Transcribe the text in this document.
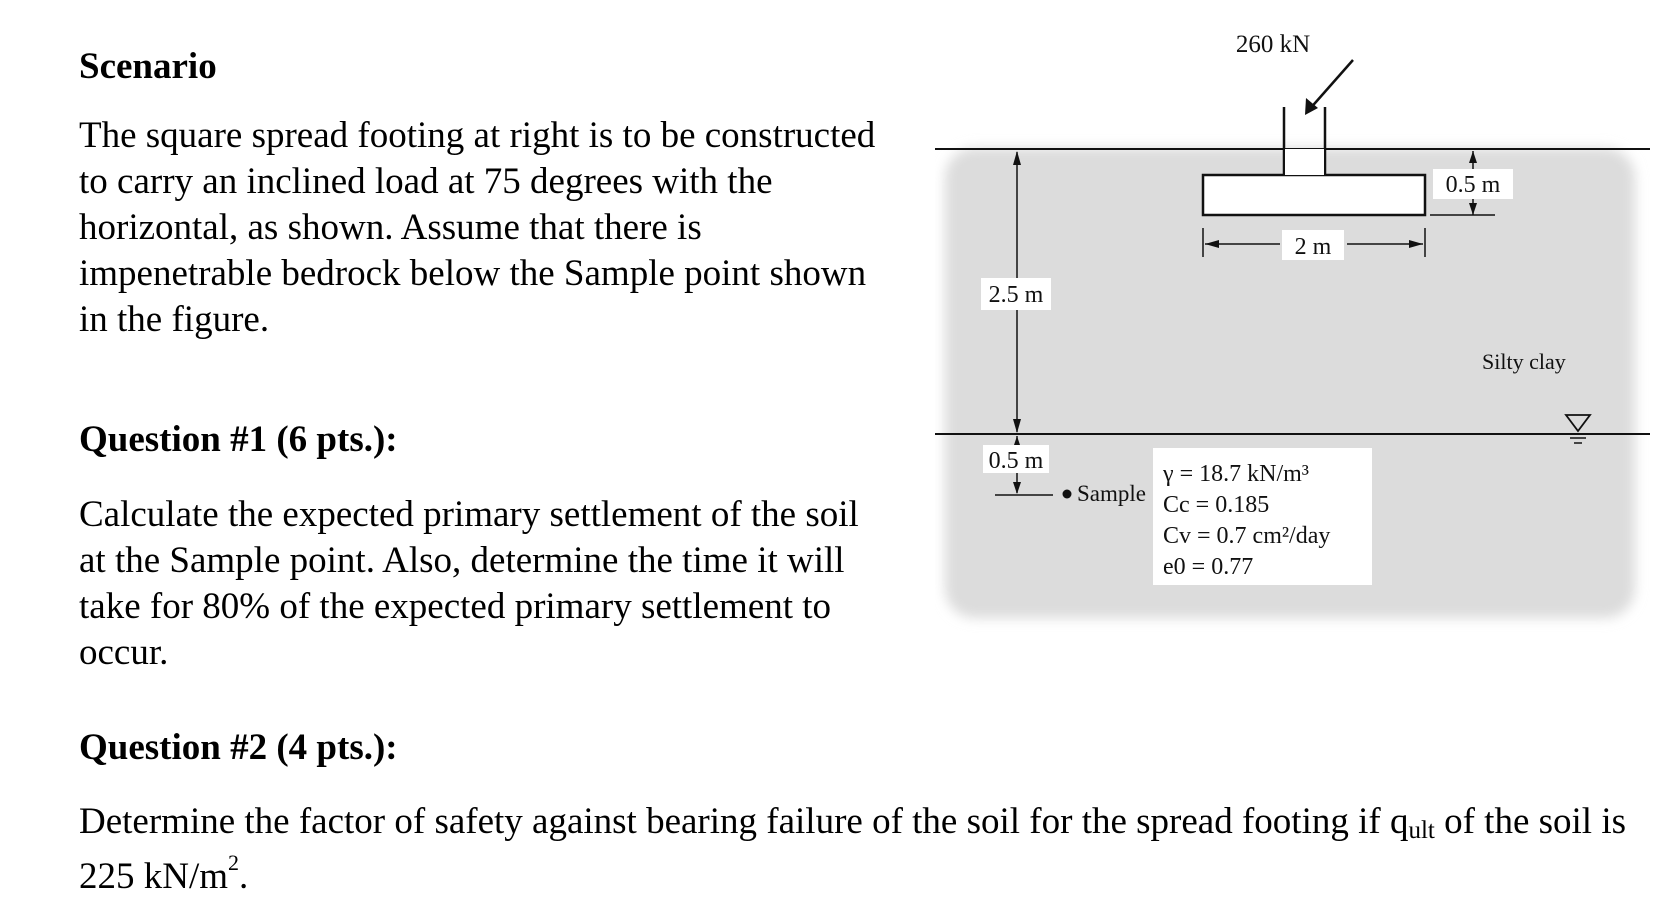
Scenario

The square spread footing at right is to be constructed to carry an inclined load at 75 degrees with the horizontal, as shown. Assume that there is impenetrable bedrock below the Sample point shown in the figure.

Question #1 (6 pts.):

Calculate the expected primary settlement of the soil at the Sample point. Also, determine the time it will take for 80% of the expected primary settlement to occur.

Question #2 (4 pts.):

Determine the factor of safety against bearing failure of the soil for the spread footing if $q_{ult}$ of the soil is 225 $kN/m^2$.

260 kN
2 m
0.5 m
2.5 m
Silty clay
0.5 m
Sample
γ = 18.7 kN/m³
Cc = 0.185
Cv = 0.7 cm²/day
e0 = 0.77
